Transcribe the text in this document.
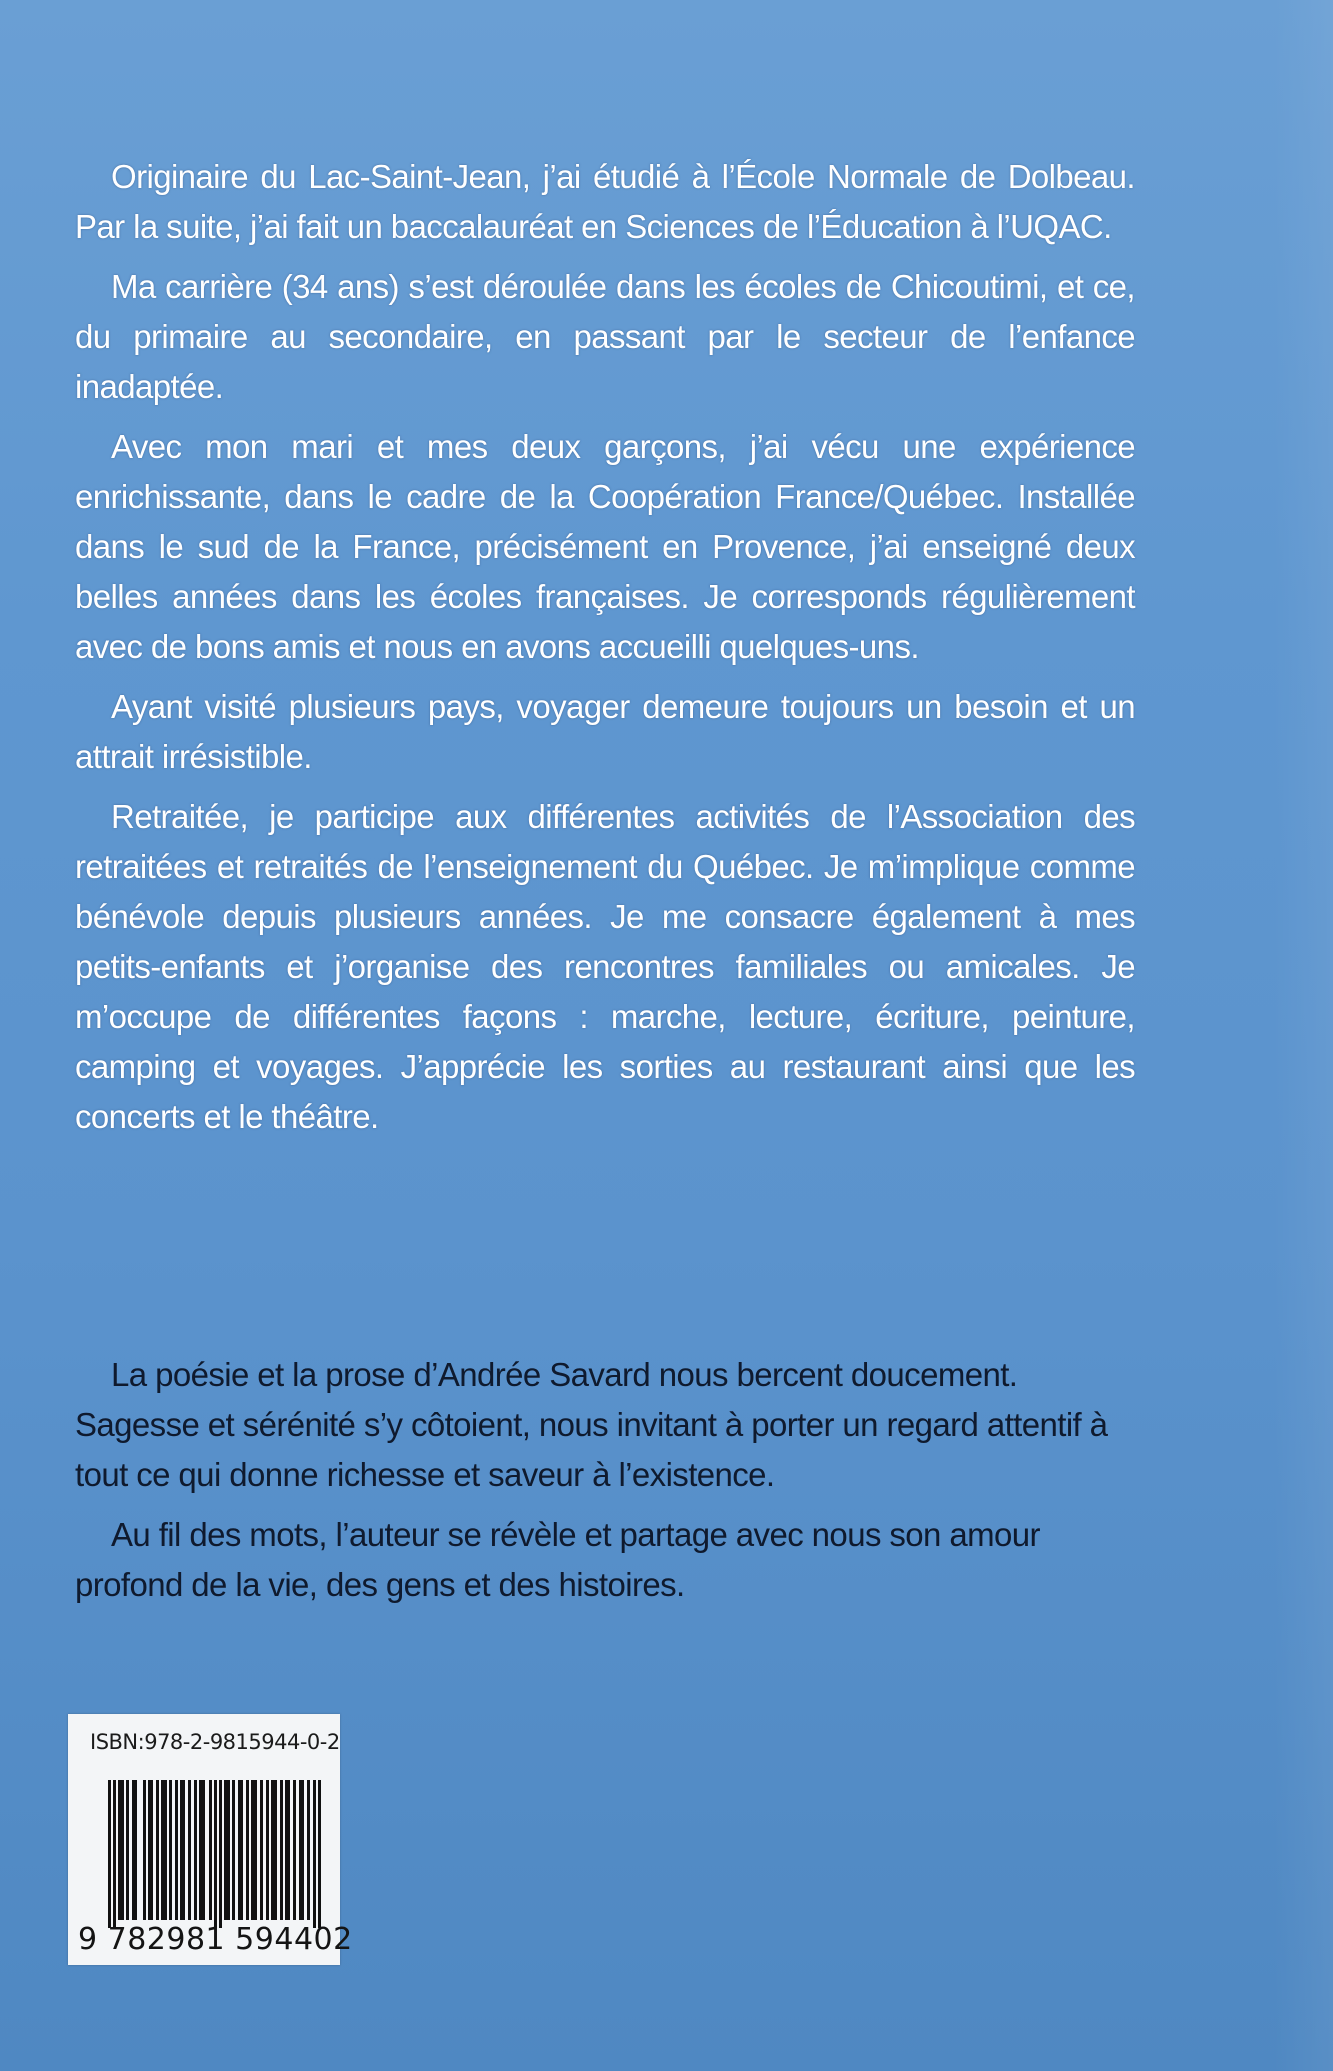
Originaire du Lac-Saint-Jean, j’ai étudié à l’École Normale de Dolbeau. Par la suite, j’ai fait un baccalauréat en Sciences de l’Éducation à l’UQAC.

Ma carrière (34 ans) s’est déroulée dans les écoles de Chicoutimi, et ce, du primaire au secondaire, en passant par le secteur de l’enfance inadaptée.

Avec mon mari et mes deux garçons, j’ai vécu une expérience enrichissante, dans le cadre de la Coopération France/Québec. Installée dans le sud de la France, précisément en Provence, j’ai enseigné deux belles années dans les écoles françaises. Je corresponds régulièrement avec de bons amis et nous en avons accueilli quelques-uns.

Ayant visité plusieurs pays, voyager demeure toujours un besoin et un attrait irrésistible.

Retraitée, je participe aux différentes activités de l’Association des retraitées et retraités de l’enseignement du Québec. Je m’implique comme bénévole depuis plusieurs années. Je me consacre également à mes petits-enfants et j’organise des rencontres familiales ou amicales. Je m’occupe de différentes façons : marche, lecture, écriture, peinture, camping et voyages. J’apprécie les sorties au restaurant ainsi que les concerts et le théâtre.

La poésie et la prose d’Andrée Savard nous bercent doucement. Sagesse et sérénité s’y côtoient, nous invitant à porter un regard attentif à tout ce qui donne richesse et saveur à l’existence.

Au fil des mots, l’auteur se révèle et partage avec nous son amour profond de la vie, des gens et des histoires.

ISBN:978-2-9815944-0-2
9 782981 594402
